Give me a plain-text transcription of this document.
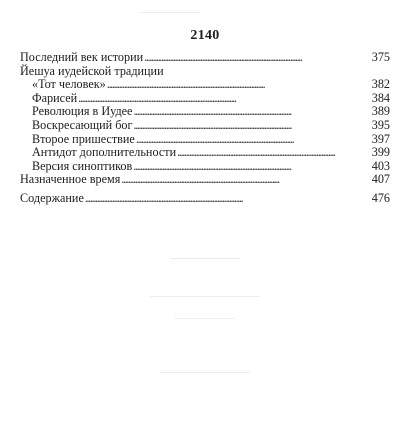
2140
Последний век истории . . .	375
Йешуа иудейской традиции
«Тот человек» . . .	382
Фарисей . . .	384
Революция в Иудее . . .	389
Воскресающий бог . . .	395
Второе пришествие . . .	397
Антидот дополнительности . . .	399
Версия синоптиков . . .	403
Назначенное время . . .	407
Содержание . . .	476
